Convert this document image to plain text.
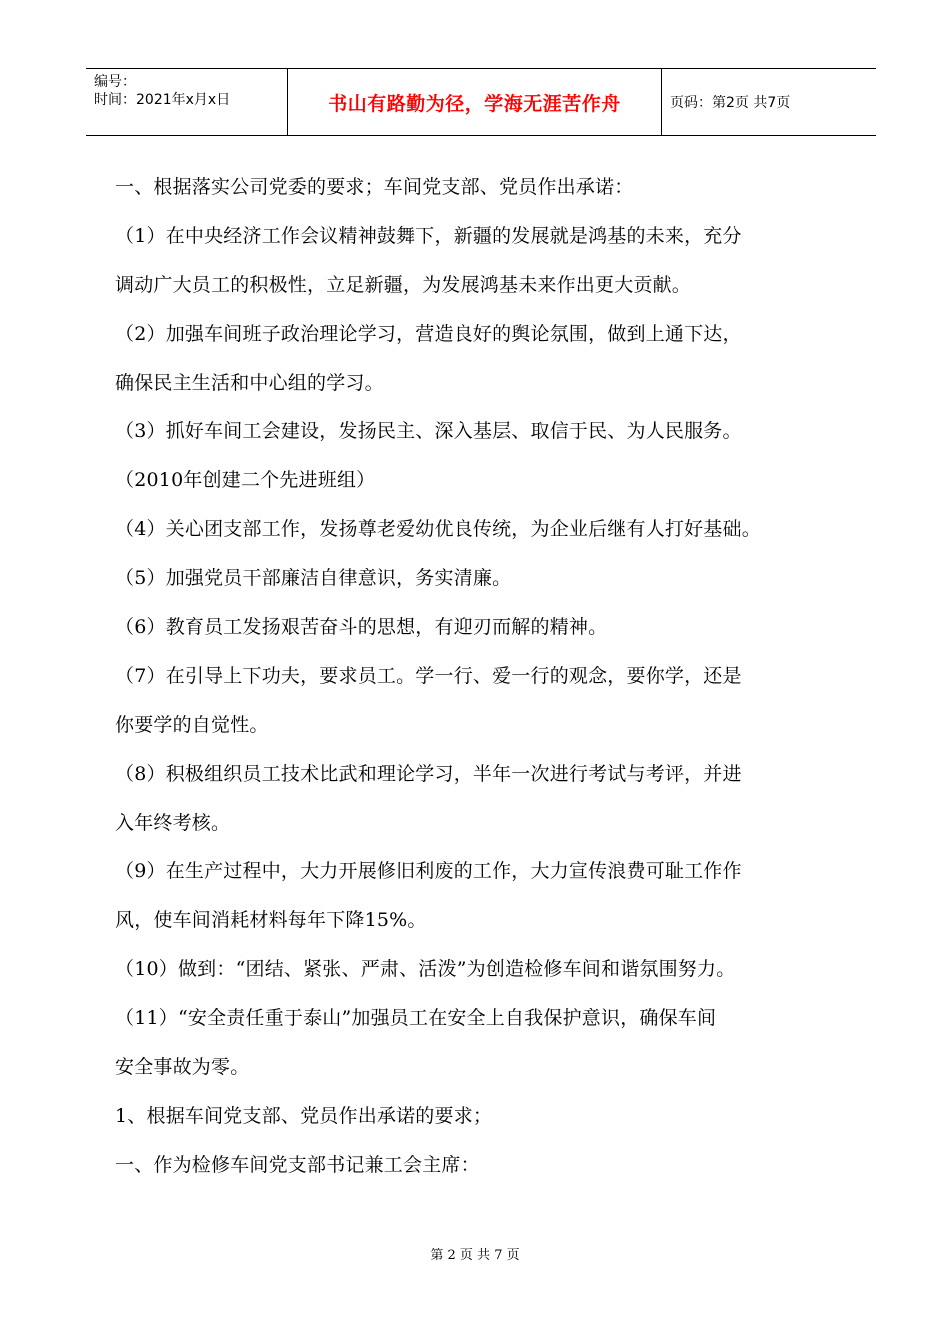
编号：
时间：2021年x月x日	书山有路勤为径，学海无涯苦作舟	页码：第2页 共7页
一、根据落实公司党委的要求；车间党支部、党员作出承诺：
（1）在中央经济工作会议精神鼓舞下，新疆的发展就是鸿基的未来，充分
调动广大员工的积极性，立足新疆，为发展鸿基未来作出更大贡献。
（2）加强车间班子政治理论学习，营造良好的舆论氛围，做到上通下达，
确保民主生活和中心组的学习。
（3）抓好车间工会建设，发扬民主、深入基层、取信于民、为人民服务。
（2010年创建二个先进班组）
（4）关心团支部工作，发扬尊老爱幼优良传统，为企业后继有人打好基础。
（5）加强党员干部廉洁自律意识，务实清廉。
（6）教育员工发扬艰苦奋斗的思想，有迎刃而解的精神。
（7）在引导上下功夫，要求员工。学一行、爱一行的观念，要你学，还是
你要学的自觉性。
（8）积极组织员工技术比武和理论学习，半年一次进行考试与考评，并进
入年终考核。
（9）在生产过程中，大力开展修旧利废的工作，大力宣传浪费可耻工作作
风，使车间消耗材料每年下降15%。
（10）做到：“团结、紧张、严肃、活泼”为创造检修车间和谐氛围努力。
（11）“安全责任重于泰山”加强员工在安全上自我保护意识，确保车间
安全事故为零。
1、根据车间党支部、党员作出承诺的要求；
一、作为检修车间党支部书记兼工会主席：
第 2 页 共 7 页
